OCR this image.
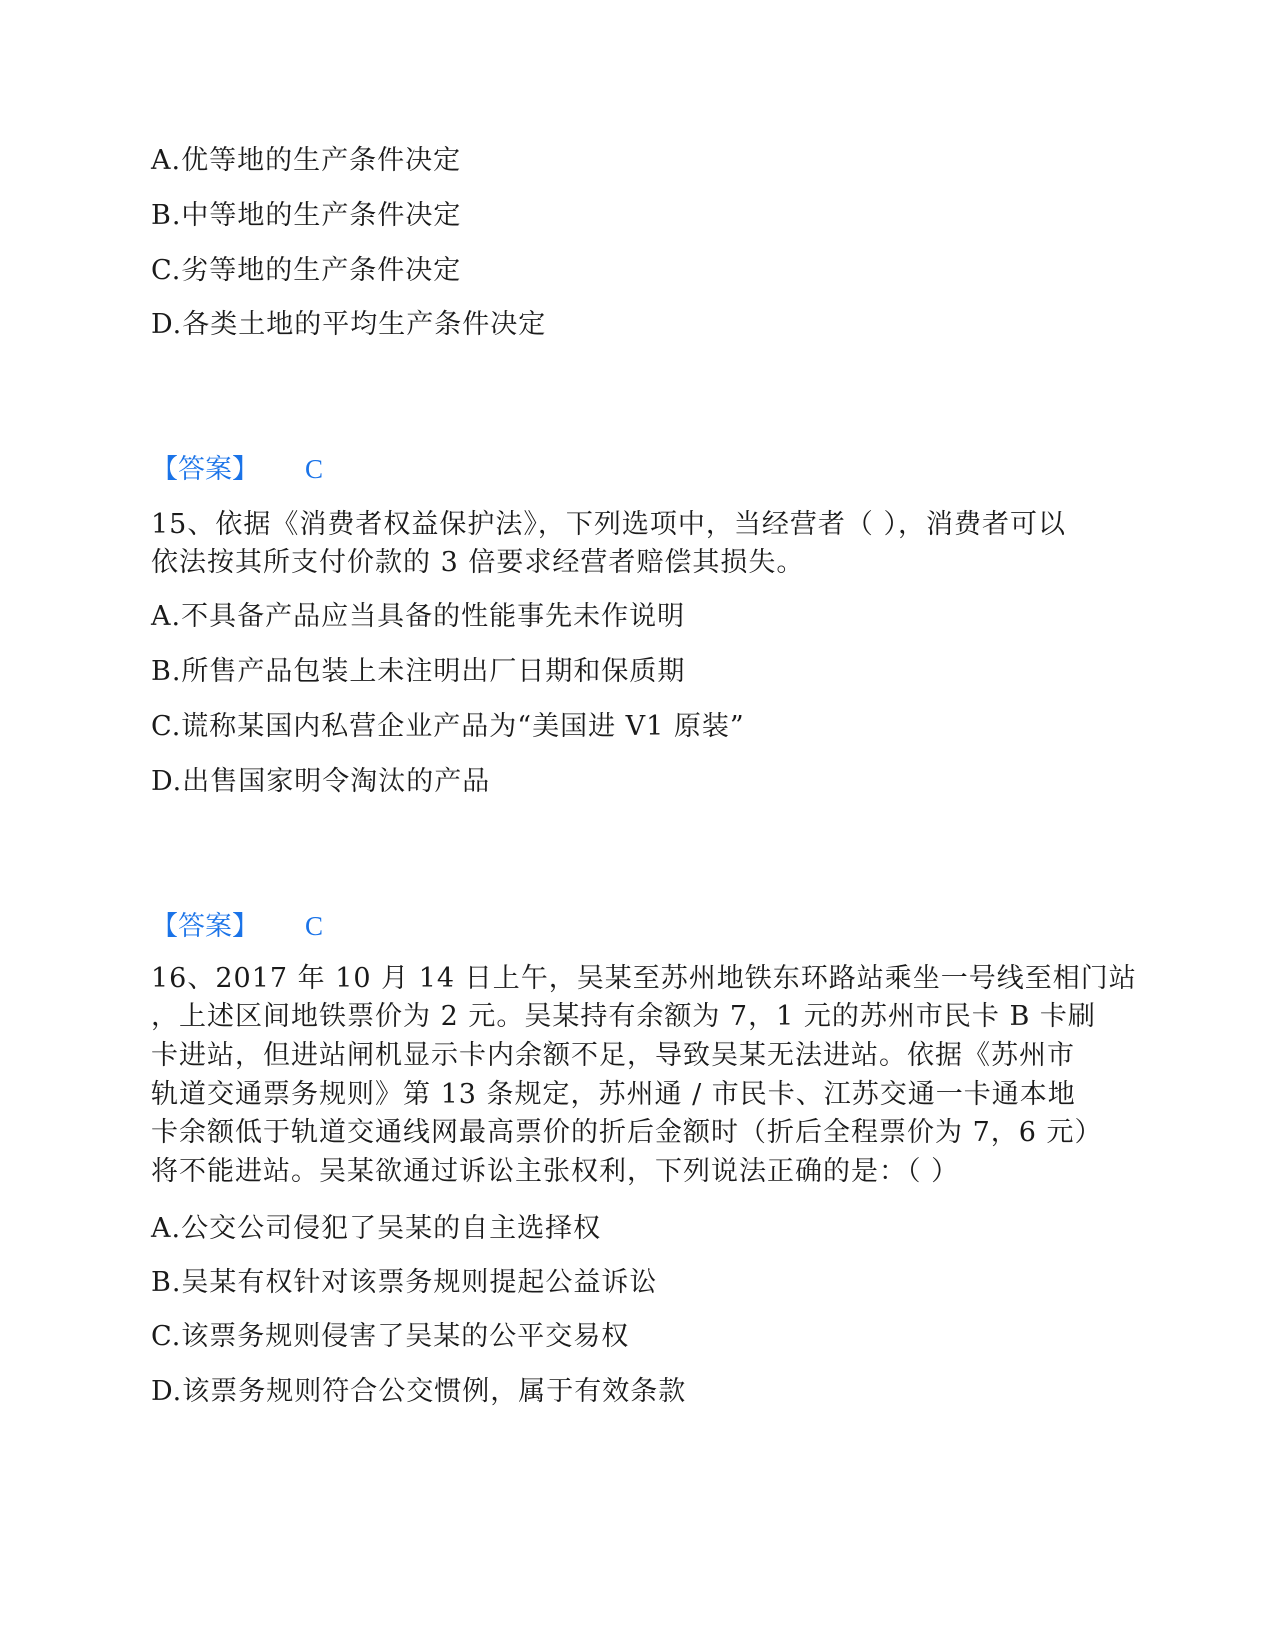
A.优等地的生产条件决定
B.中等地的生产条件决定
C.劣等地的生产条件决定
D.各类土地的平均生产条件决定
【答案】 C
15、依据《消费者权益保护法》，下列选项中，当经营者（ ），消费者可以
依法按其所支付价款的 3 倍要求经营者赔偿其损失。
A.不具备产品应当具备的性能事先未作说明
B.所售产品包装上未注明出厂日期和保质期
C.谎称某国内私营企业产品为“美国进 V1 原装”
D.出售国家明令淘汰的产品
【答案】 C
16、2017 年 10 月 14 日上午，吴某至苏州地铁东环路站乘坐一号线至相门站
，上述区间地铁票价为 2 元。吴某持有余额为 7，1 元的苏州市民卡 B 卡刷
卡进站，但进站闸机显示卡内余额不足，导致吴某无法进站。依据《苏州市
轨道交通票务规则》第 13 条规定，苏州通 / 市民卡、江苏交通一卡通本地
卡余额低于轨道交通线网最高票价的折后金额时（折后全程票价为 7，6 元）
将不能进站。吴某欲通过诉讼主张权利，下列说法正确的是：（ ）
A.公交公司侵犯了吴某的自主选择权
B.吴某有权针对该票务规则提起公益诉讼
C.该票务规则侵害了吴某的公平交易权
D.该票务规则符合公交惯例，属于有效条款
